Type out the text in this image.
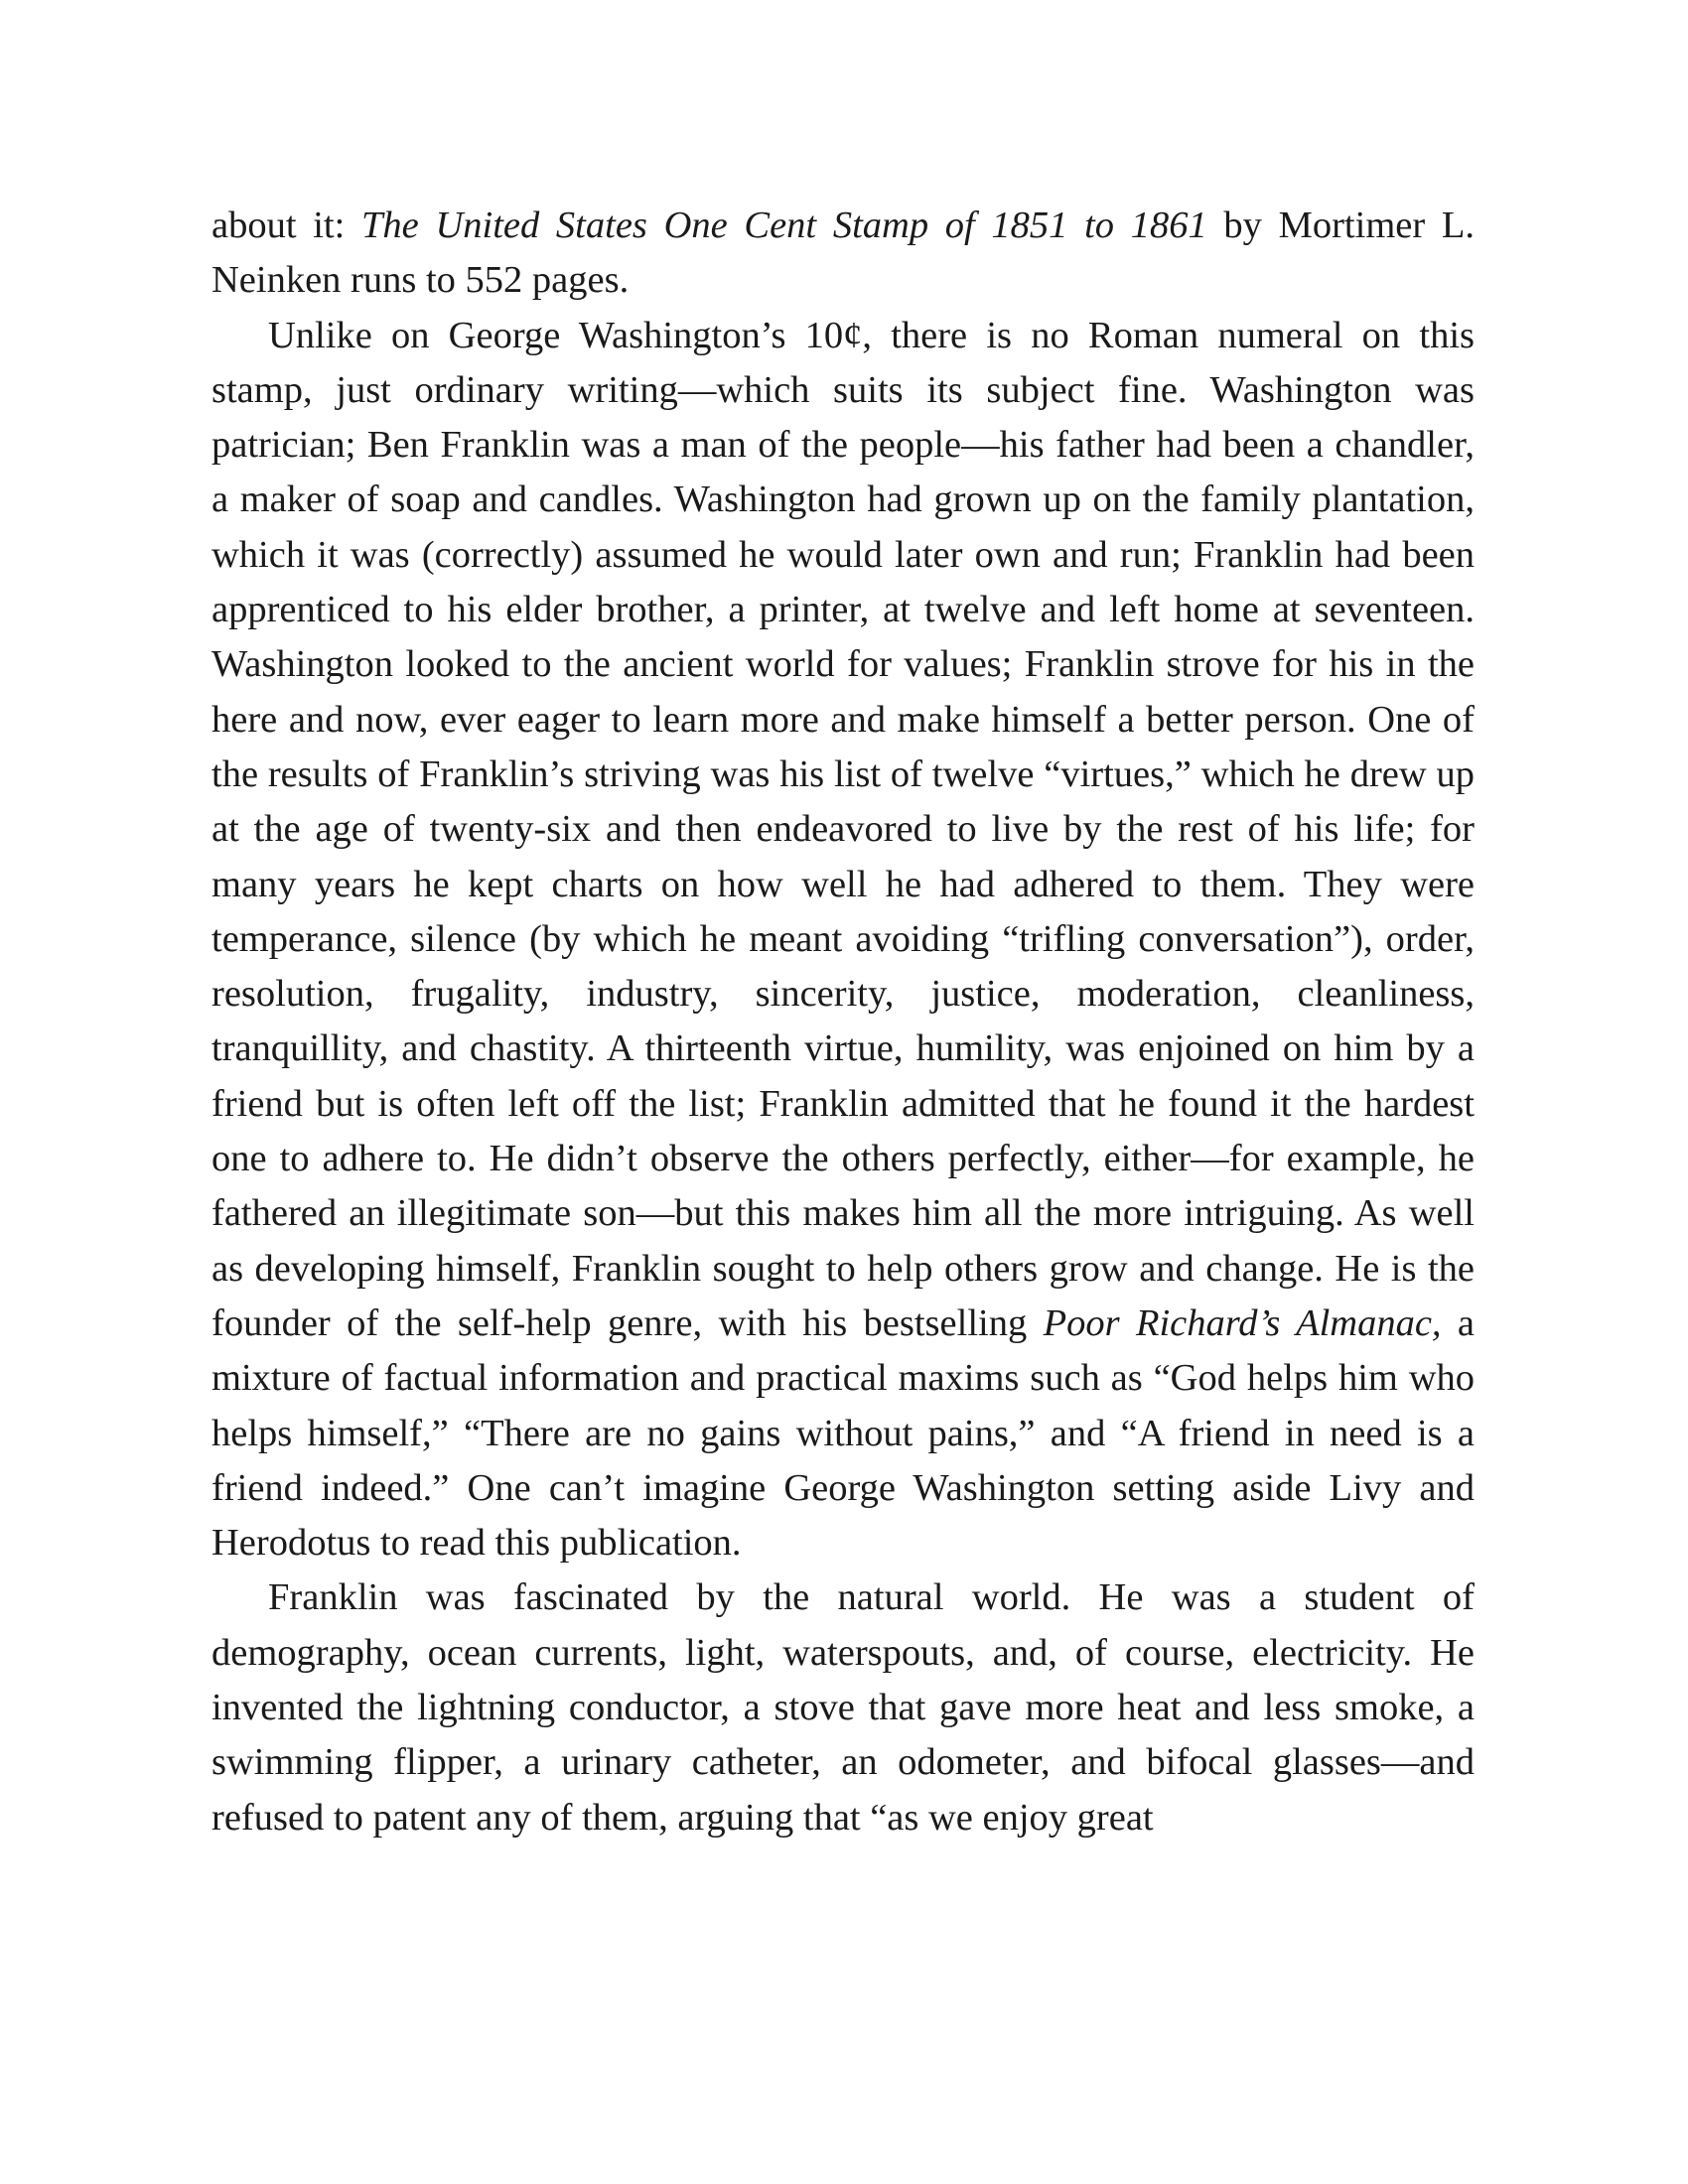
about it: The United States One Cent Stamp of 1851 to 1861 by Mortimer L. Neinken runs to 552 pages.

Unlike on George Washington’s 10¢, there is no Roman numeral on this stamp, just ordinary writing—which suits its subject fine. Washington was patrician; Ben Franklin was a man of the people—his father had been a chandler, a maker of soap and candles. Washington had grown up on the family plantation, which it was (correctly) assumed he would later own and run; Franklin had been apprenticed to his elder brother, a printer, at twelve and left home at seventeen. Washington looked to the ancient world for values; Franklin strove for his in the here and now, ever eager to learn more and make himself a better person. One of the results of Franklin’s striving was his list of twelve “virtues,” which he drew up at the age of twenty-six and then endeavored to live by the rest of his life; for many years he kept charts on how well he had adhered to them. They were temperance, silence (by which he meant avoiding “trifling conversation”), order, resolution, frugality, industry, sincerity, justice, moderation, cleanliness, tranquillity, and chastity. A thirteenth virtue, humility, was enjoined on him by a friend but is often left off the list; Franklin admitted that he found it the hardest one to adhere to. He didn’t observe the others perfectly, either—for example, he fathered an illegitimate son—but this makes him all the more intriguing. As well as developing himself, Franklin sought to help others grow and change. He is the founder of the self-help genre, with his bestselling Poor Richard’s Almanac, a mixture of factual information and practical maxims such as “God helps him who helps himself,” “There are no gains without pains,” and “A friend in need is a friend indeed.” One can’t imagine George Washington setting aside Livy and Herodotus to read this publication.

Franklin was fascinated by the natural world. He was a student of demography, ocean currents, light, waterspouts, and, of course, electricity. He invented the lightning conductor, a stove that gave more heat and less smoke, a swimming flipper, a urinary catheter, an odometer, and bifocal glasses—and refused to patent any of them, arguing that “as we enjoy great
